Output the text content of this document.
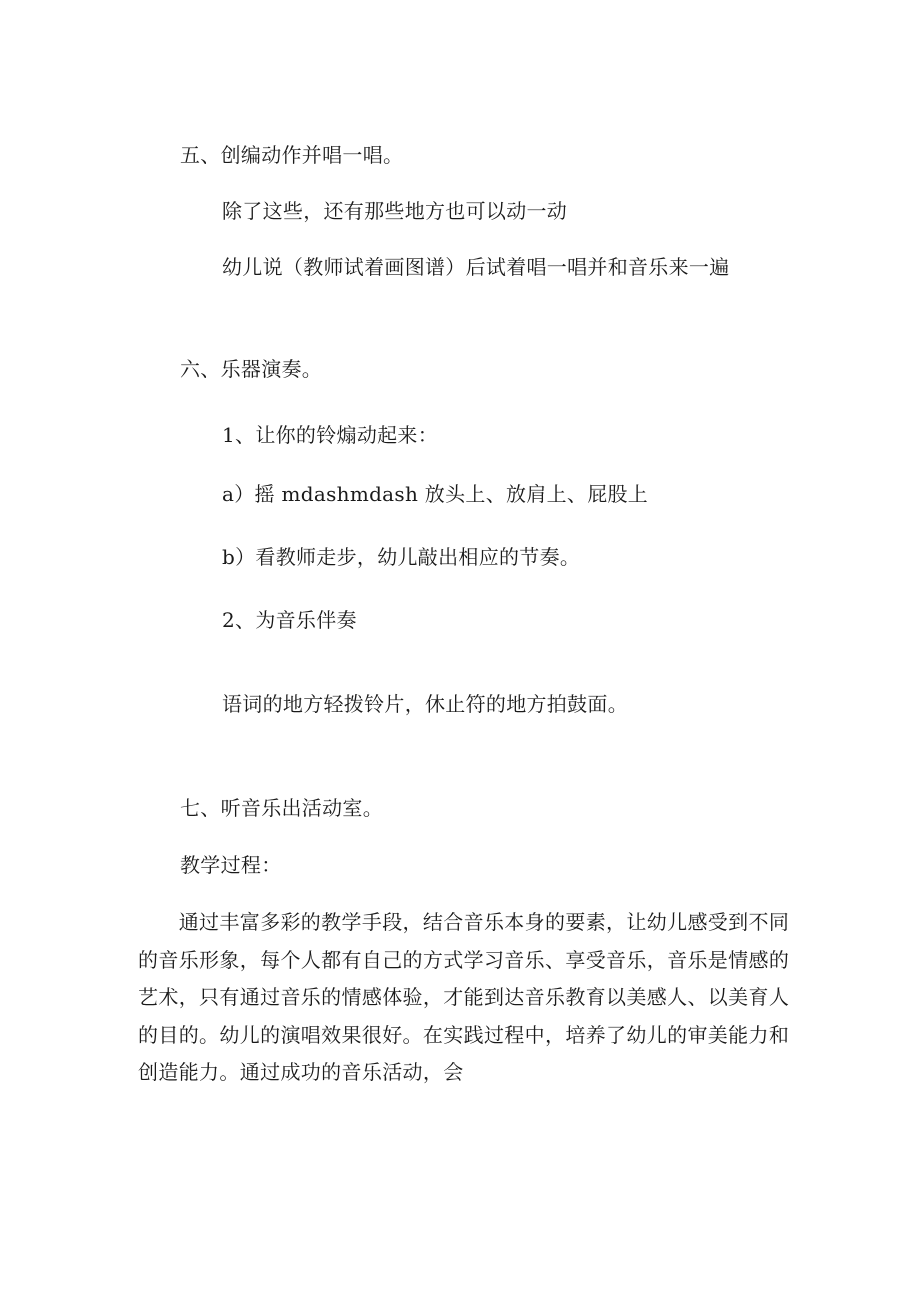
五、创编动作并唱一唱。

除了这些，还有那些地方也可以动一动

幼儿说（教师试着画图谱）后试着唱一唱并和音乐来一遍

六、乐器演奏。

1、让你的铃煽动起来：

a）摇 mdashmdash 放头上、放肩上、屁股上

b）看教师走步，幼儿敲出相应的节奏。

2、为音乐伴奏

语词的地方轻拨铃片，休止符的地方拍鼓面。

七、听音乐出活动室。

教学过程：

　　通过丰富多彩的教学手段，结合音乐本身的要素，让幼儿感受到不同
的音乐形象，每个人都有自己的方式学习音乐、享受音乐，音乐是情感的
艺术，只有通过音乐的情感体验，才能到达音乐教育以美感人、以美育人
的目的。幼儿的演唱效果很好。在实践过程中，培养了幼儿的审美能力和
创造能力。通过成功的音乐活动，会
